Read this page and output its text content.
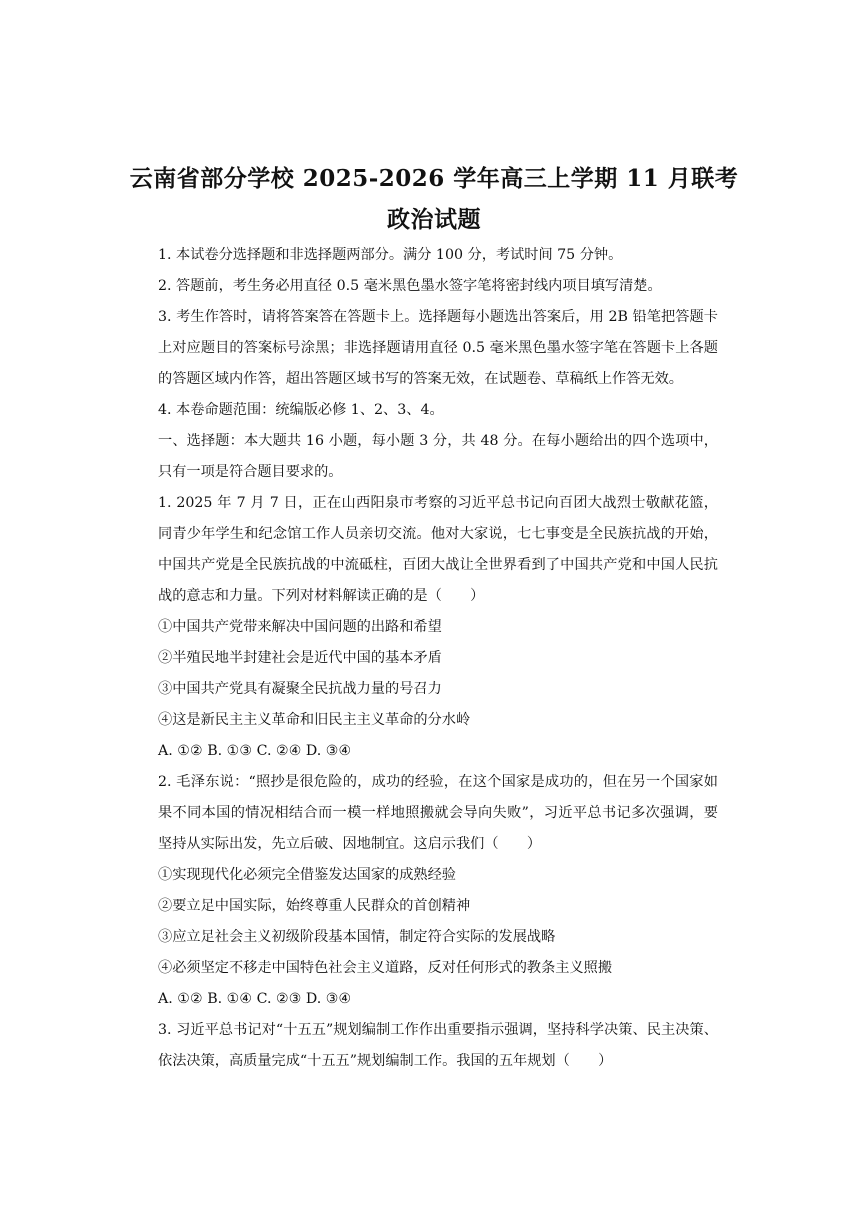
云南省部分学校 2025-2026 学年高三上学期 11 月联考
政治试题

1. 本试卷分选择题和非选择题两部分。满分 100 分，考试时间 75 分钟。

2. 答题前，考生务必用直径 0.5 毫米黑色墨水签字笔将密封线内项目填写清楚。

3. 考生作答时，请将答案答在答题卡上。选择题每小题选出答案后，用 2B 铅笔把答题卡上对应题目的答案标号涂黑；非选择题请用直径 0.5 毫米黑色墨水签字笔在答题卡上各题的答题区域内作答，超出答题区域书写的答案无效，在试题卷、草稿纸上作答无效。

4. 本卷命题范围：统编版必修 1、2、3、4。

一、选择题：本大题共 16 小题，每小题 3 分，共 48 分。在每小题给出的四个选项中，只有一项是符合题目要求的。

1. 2025 年 7 月 7 日，正在山西阳泉市考察的习近平总书记向百团大战烈士敬献花篮，同青少年学生和纪念馆工作人员亲切交流。他对大家说，七七事变是全民族抗战的开始，中国共产党是全民族抗战的中流砥柱，百团大战让全世界看到了中国共产党和中国人民抗战的意志和力量。下列对材料解读正确的是（　　）

①中国共产党带来解决中国问题的出路和希望

②半殖民地半封建社会是近代中国的基本矛盾

③中国共产党具有凝聚全民抗战力量的号召力

④这是新民主主义革命和旧民主主义革命的分水岭

A. ①② B. ①③ C. ②④ D. ③④

2. 毛泽东说：“照抄是很危险的，成功的经验，在这个国家是成功的，但在另一个国家如果不同本国的情况相结合而一模一样地照搬就会导向失败”，习近平总书记多次强调，要坚持从实际出发，先立后破、因地制宜。这启示我们（　　）

①实现现代化必须完全借鉴发达国家的成熟经验

②要立足中国实际，始终尊重人民群众的首创精神

③应立足社会主义初级阶段基本国情，制定符合实际的发展战略

④必须坚定不移走中国特色社会主义道路，反对任何形式的教条主义照搬

A. ①② B. ①④ C. ②③ D. ③④

3. 习近平总书记对“十五五”规划编制工作作出重要指示强调，坚持科学决策、民主决策、依法决策，高质量完成“十五五”规划编制工作。我国的五年规划（　　）
